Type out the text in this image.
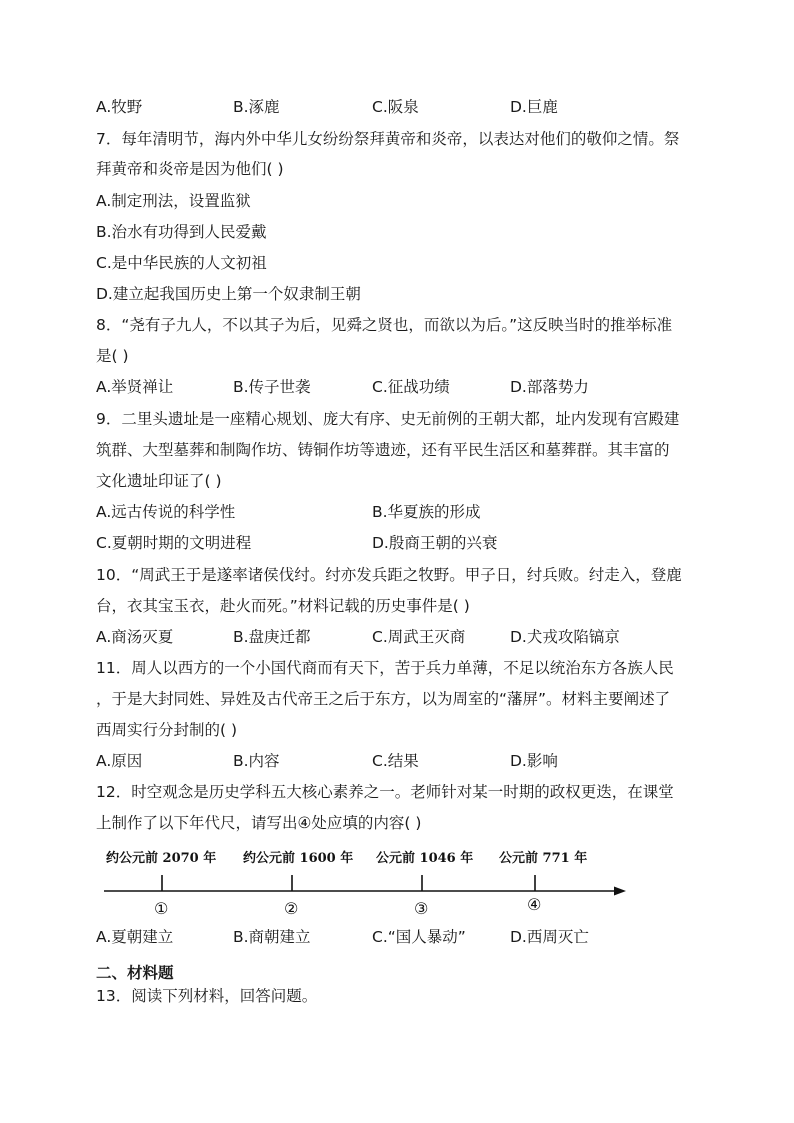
A.牧野	B.涿鹿	C.阪泉	D.巨鹿
7．每年清明节，海内外中华儿女纷纷祭拜黄帝和炎帝，以表达对他们的敬仰之情。祭
拜黄帝和炎帝是因为他们( )
A.制定刑法，设置监狱
B.治水有功得到人民爱戴
C.是中华民族的人文初祖
D.建立起我国历史上第一个奴隶制王朝
8．“尧有子九人，不以其子为后，见舜之贤也，而欲以为后。”这反映当时的推举标准
是( )
A.举贤禅让	B.传子世袭	C.征战功绩	D.部落势力
9．二里头遗址是一座精心规划、庞大有序、史无前例的王朝大都，址内发现有宫殿建
筑群、大型墓葬和制陶作坊、铸铜作坊等遗迹，还有平民生活区和墓葬群。其丰富的
文化遗址印证了( )
A.远古传说的科学性	B.华夏族的形成
C.夏朝时期的文明进程	D.殷商王朝的兴衰
10．“周武王于是遂率诸侯伐纣。纣亦发兵距之牧野。甲子日，纣兵败。纣走入，登鹿
台，衣其宝玉衣，赴火而死。”材料记载的历史事件是( )
A.商汤灭夏	B.盘庚迁都	C.周武王灭商	D.犬戎攻陷镐京
11．周人以西方的一个小国代商而有天下，苦于兵力单薄，不足以统治东方各族人民
，于是大封同姓、异姓及古代帝王之后于东方，以为周室的“藩屏”。材料主要阐述了
西周实行分封制的( )
A.原因	B.内容	C.结果	D.影响
12．时空观念是历史学科五大核心素养之一。老师针对某一时期的政权更迭，在课堂
上制作了以下年代尺，请写出④处应填的内容( )
约公元前 2070 年 约公元前 1600 年 公元前 1046 年 公元前 771 年
①	②	③	④
A.夏朝建立	B.商朝建立	C.“国人暴动”	D.西周灭亡
二、材料题
13．阅读下列材料，回答问题。
